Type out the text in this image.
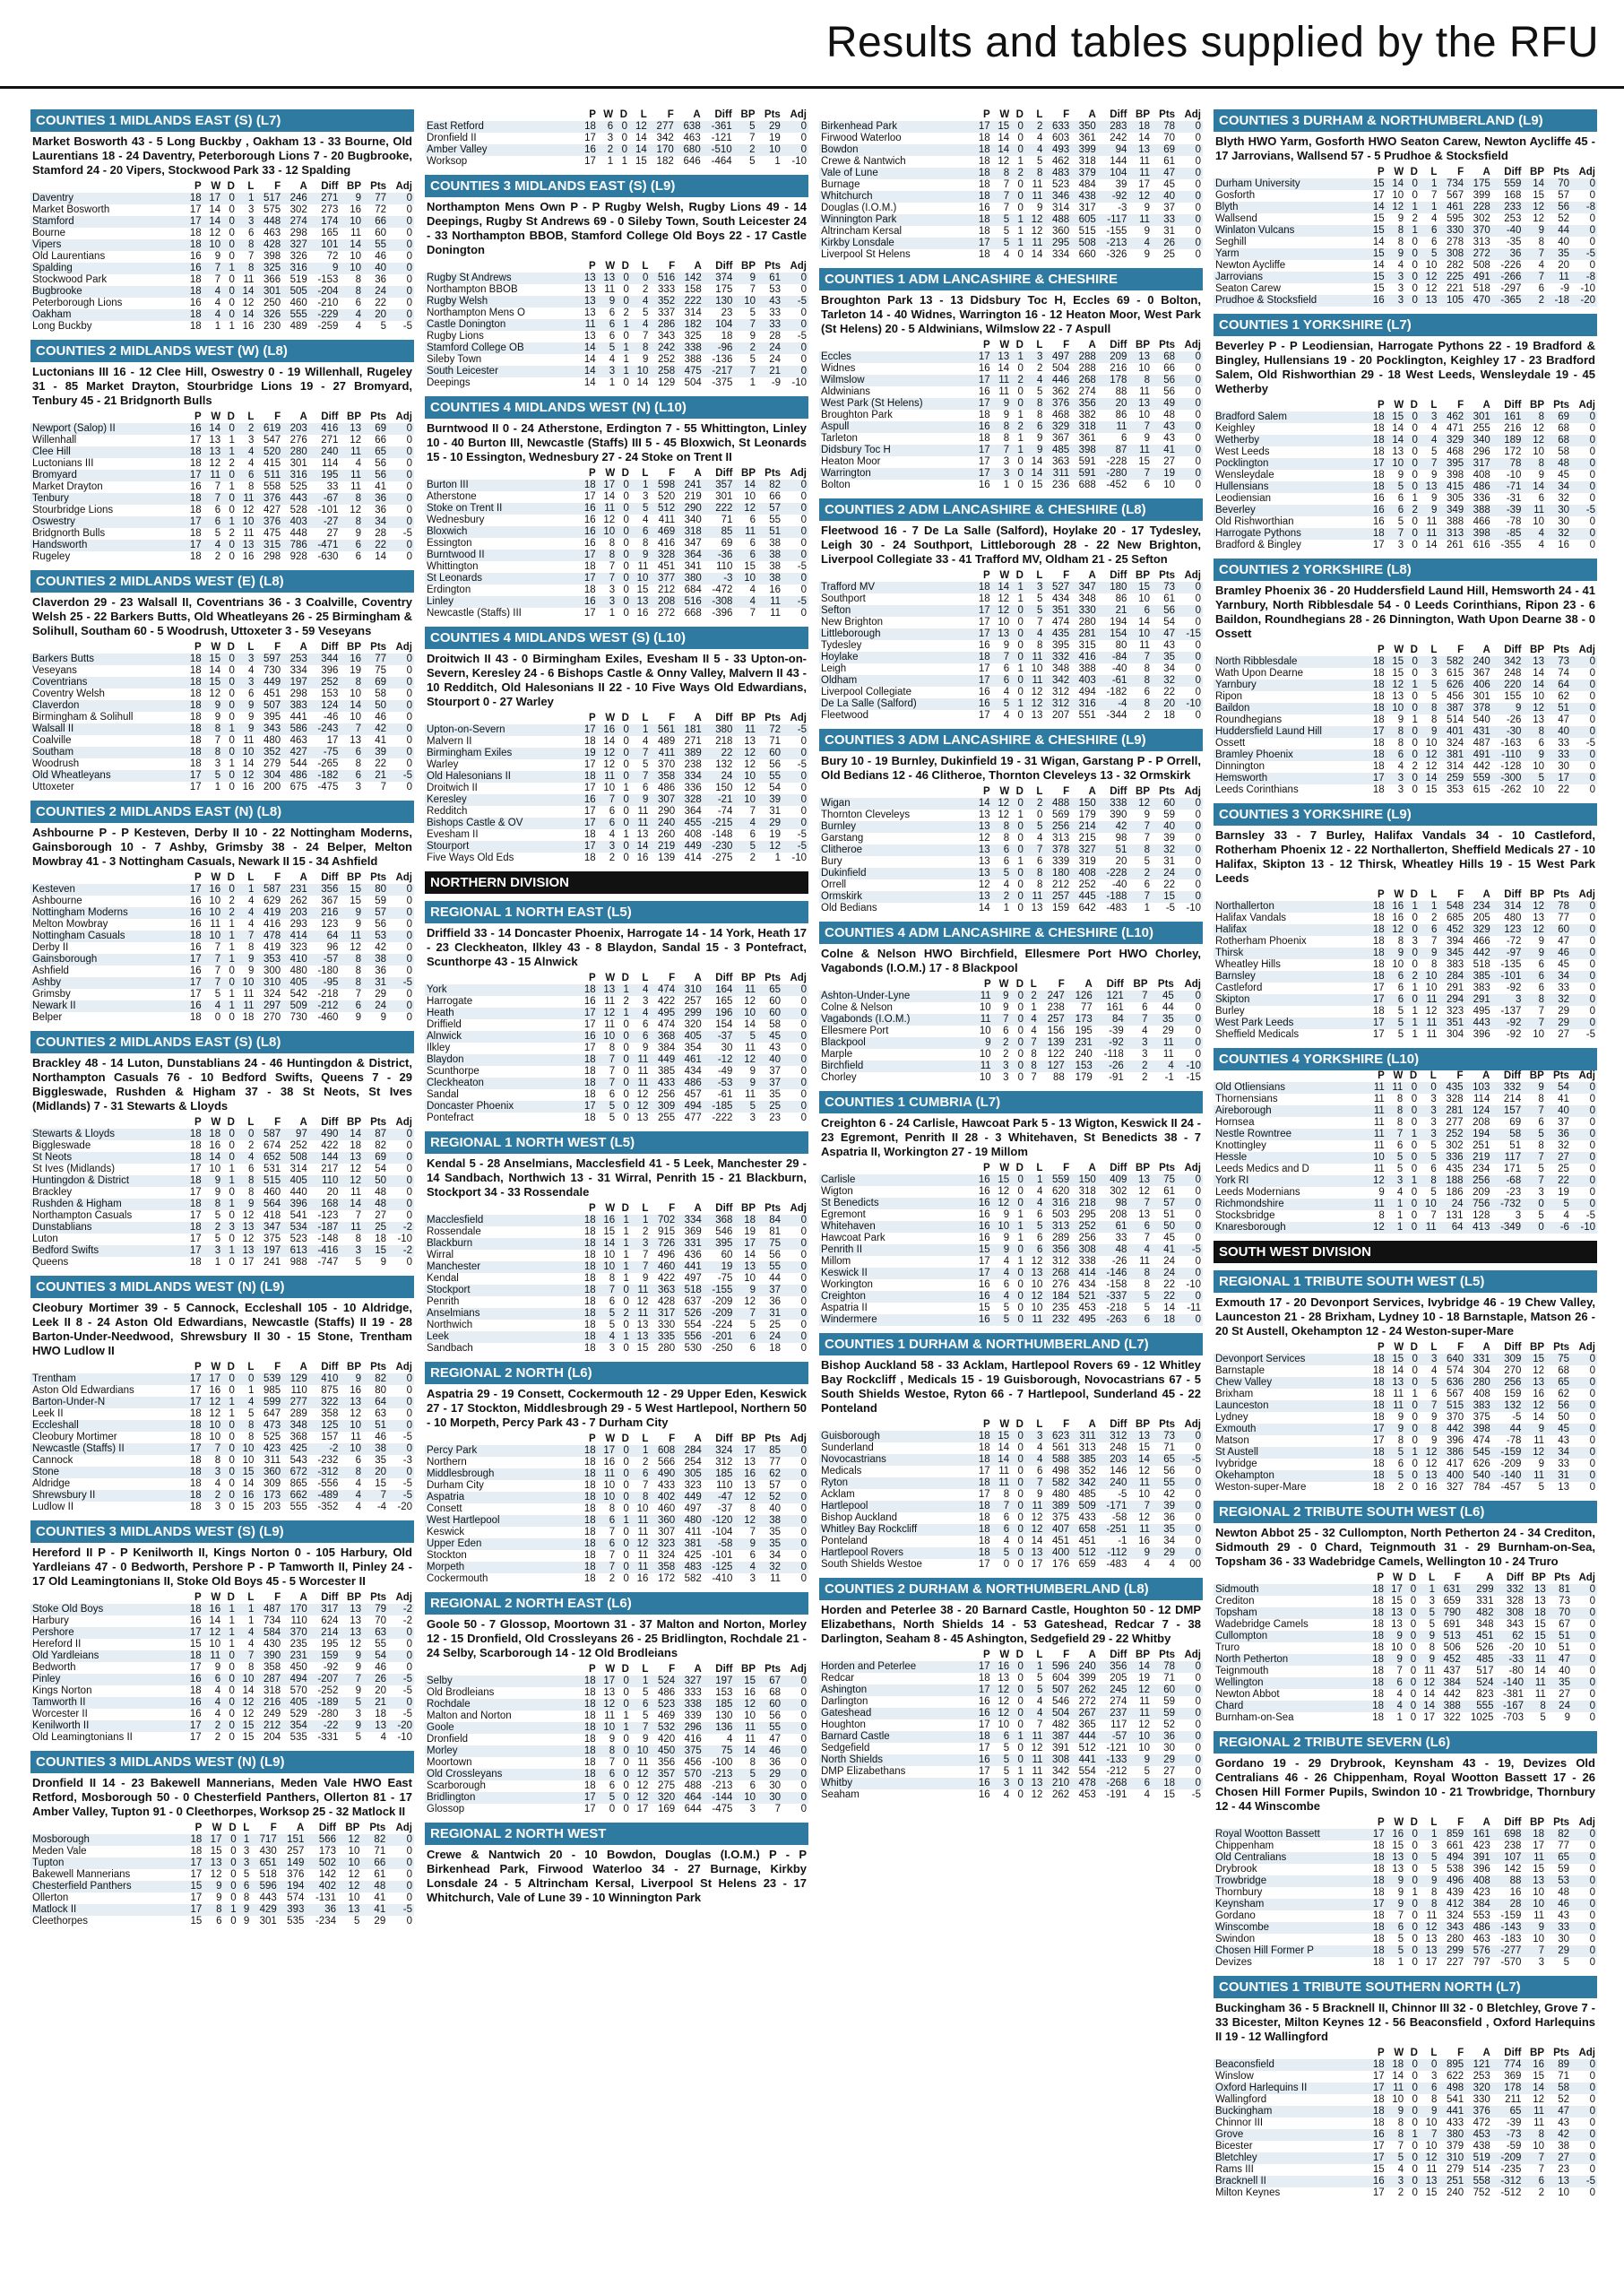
Results and tables supplied by the RFU
COUNTIES 1 MIDLANDS EAST (S) (L7)
Market Bosworth 43 - 5 Long Buckby , Oakham 13 - 33 Bourne, Old Laurentians 18 - 24 Daventry, Peterborough Lions 7 - 20 Bugbrooke, Stamford 24 - 20 Vipers, Stockwood Park 33 - 12 Spalding
	P	W	D	L	F	A	Diff	BP	Pts	Adj
Daventry	18	17	0	1	517	246	271	9	77	0
Market Bosworth	17	14	0	3	575	302	273	16	72	0
Stamford	17	14	0	3	448	274	174	10	66	0
Bourne	18	12	0	6	463	298	165	11	60	0
Vipers	18	10	0	8	428	327	101	14	55	0
Old Laurentians	16	9	0	7	398	326	72	10	46	0
Spalding	16	7	1	8	325	316	9	10	40	0
Stockwood Park	18	7	0	11	366	519	-153	8	36	0
Bugbrooke	18	4	0	14	301	505	-204	8	24	0
Peterborough Lions	16	4	0	12	250	460	-210	6	22	0
Oakham	18	4	0	14	326	555	-229	4	20	0
Long Buckby	18	1	1	16	230	489	-259	4	5	-5
COUNTIES 2 MIDLANDS WEST (W) (L8)
Luctonians III 16 - 12 Clee Hill, Oswestry 0 - 19 Willenhall, Rugeley 31 - 85 Market Drayton, Stourbridge Lions 19 - 27 Bromyard, Tenbury 45 - 21 Bridgnorth Bulls
	P	W	D	L	F	A	Diff	BP	Pts	Adj
Newport (Salop) II	16	14	0	2	619	203	416	13	69	0
Willenhall	17	13	1	3	547	276	271	12	66	0
Clee Hill	18	13	1	4	520	280	240	11	65	0
Luctonians III	18	12	2	4	415	301	114	4	56	0
Bromyard	17	11	0	6	511	316	195	11	56	0
Market Drayton	16	7	1	8	558	525	33	11	41	0
Tenbury	18	7	0	11	376	443	-67	8	36	0
Stourbridge Lions	18	6	0	12	427	528	-101	12	36	0
Oswestry	17	6	1	10	376	403	-27	8	34	0
Bridgnorth Bulls	18	5	2	11	475	448	27	9	28	-5
Handsworth	17	4	0	13	315	786	-471	6	22	0
Rugeley	18	2	0	16	298	928	-630	6	14	0
COUNTIES 2 MIDLANDS WEST (E) (L8)
Claverdon 29 - 23 Walsall II, Coventrians 36 - 3 Coalville, Coventry Welsh 25 - 22 Barkers Butts, Old Wheatleyans 26 - 25 Birmingham & Solihull, Southam 60 - 5 Woodrush, Uttoxeter 3 - 59 Veseyans
	P	W	D	L	F	A	Diff	BP	Pts	Adj
Barkers Butts	18	15	0	3	597	253	344	16	77	0
Veseyans	18	14	0	4	730	334	396	19	75	0
Coventrians	18	15	0	3	449	197	252	8	69	0
Coventry Welsh	18	12	0	6	451	298	153	10	58	0
Claverdon	18	9	0	9	507	383	124	14	50	0
Birmingham & Solihull	18	9	0	9	395	441	-46	10	46	0
Walsall II	18	8	1	9	343	586	-243	7	42	0
Coalville	18	7	0	11	480	463	17	13	41	0
Southam	18	8	0	10	352	427	-75	6	39	0
Woodrush	18	3	1	14	279	544	-265	8	22	0
Old Wheatleyans	17	5	0	12	304	486	-182	6	21	-5
Uttoxeter	17	1	0	16	200	675	-475	3	7	0
COUNTIES 2 MIDLANDS EAST (N) (L8)
Ashbourne P - P Kesteven, Derby II 10 - 22 Nottingham Moderns, Gainsborough 10 - 7 Ashby, Grimsby 38 - 24 Belper, Melton Mowbray 41 - 3 Nottingham Casuals, Newark II 15 - 34 Ashfield
	P	W	D	L	F	A	Diff	BP	Pts	Adj
Kesteven	17	16	0	1	587	231	356	15	80	0
Ashbourne	16	10	2	4	629	262	367	15	59	0
Nottingham Moderns	16	10	2	4	419	203	216	9	57	0
Melton Mowbray	16	11	1	4	416	293	123	9	56	0
Nottingham Casuals	18	10	1	7	478	414	64	11	53	0
Derby II	16	7	1	8	419	323	96	12	42	0
Gainsborough	17	7	1	9	353	410	-57	8	38	0
Ashfield	16	7	0	9	300	480	-180	8	36	0
Ashby	17	7	0	10	310	405	-95	8	31	-5
Grimsby	17	5	1	11	324	542	-218	7	29	0
Newark II	16	4	1	11	297	509	-212	6	24	0
Belper	18	0	0	18	270	730	-460	9	9	0
COUNTIES 2 MIDLANDS EAST (S) (L8)
Brackley 48 - 14 Luton, Dunstablians 24 - 46 Huntingdon & District, Northampton Casuals 76 - 10 Bedford Swifts, Queens 7 - 29 Biggleswade, Rushden & Higham 37 - 38 St Neots, St Ives (Midlands) 7 - 31 Stewarts & Lloyds
	P	W	D	L	F	A	Diff	BP	Pts	Adj
Stewarts & Lloyds	18	18	0	0	587	97	490	14	87	0
Biggleswade	18	16	0	2	674	252	422	18	82	0
St Neots	18	14	0	4	652	508	144	13	69	0
St Ives (Midlands)	17	10	1	6	531	314	217	12	54	0
Huntingdon & District	18	9	1	8	515	405	110	12	50	0
Brackley	17	9	0	8	460	440	20	11	48	0
Rushden & Higham	18	8	1	9	564	396	168	14	48	0
Northampton Casuals	17	5	0	12	418	541	-123	7	27	0
Dunstablians	18	2	3	13	347	534	-187	11	25	-2
Luton	17	5	0	12	375	523	-148	8	18	-10
Bedford Swifts	17	3	1	13	197	613	-416	3	15	-2
Queens	18	1	0	17	241	988	-747	5	9	0
COUNTIES 3 MIDLANDS WEST (N) (L9)
Cleobury Mortimer 39 - 5 Cannock, Eccleshall 105 - 10 Aldridge, Leek II 8 - 24 Aston Old Edwardians, Newcastle (Staffs) II 19 - 28 Barton-Under-Needwood, Shrewsbury II 30 - 15 Stone, Trentham HWO Ludlow II
	P	W	D	L	F	A	Diff	BP	Pts	Adj
Trentham	17	17	0	0	539	129	410	9	82	0
Aston Old Edwardians	17	16	0	1	985	110	875	16	80	0
Barton-Under-N	17	12	1	4	599	277	322	13	64	0
Leek II	18	12	1	5	647	289	358	12	63	0
Eccleshall	18	10	0	8	473	348	125	10	51	0
Cleobury Mortimer	18	10	0	8	525	368	157	11	46	-5
Newcastle (Staffs) II	17	7	0	10	423	425	-2	10	38	0
Cannock	18	8	0	10	311	543	-232	6	35	-3
Stone	18	3	0	15	360	672	-312	8	20	0
Aldridge	18	4	0	14	309	865	-556	4	15	-5
Shrewsbury II	18	2	0	16	173	662	-489	4	7	-5
Ludlow II	18	3	0	15	203	555	-352	4	-4	-20
COUNTIES 3 MIDLANDS WEST (S) (L9)
Hereford II P - P Kenilworth II, Kings Norton 0 - 105 Harbury, Old Yardleians 47 - 0 Bedworth, Pershore P - P Tamworth II, Pinley 24 - 17 Old Leamingtonians II, Stoke Old Boys 45 - 5 Worcester II
	P	W	D	L	F	A	Diff	BP	Pts	Adj
Stoke Old Boys	18	16	1	1	487	170	317	13	79	-2
Harbury	16	14	1	1	734	110	624	13	70	-2
Pershore	17	12	1	4	584	370	214	13	63	0
Hereford II	15	10	1	4	430	235	195	12	55	0
Old Yardleians	18	11	0	7	390	231	159	9	54	0
Bedworth	17	9	0	8	358	450	-92	9	46	0
Pinley	16	6	0	10	287	494	-207	7	26	-5
Kings Norton	18	4	0	14	318	570	-252	9	20	-5
Tamworth II	16	4	0	12	216	405	-189	5	21	0
Worcester II	16	4	0	12	249	529	-280	3	18	-5
Kenilworth II	17	2	0	15	212	354	-22	9	13	-20
Old Leamingtonians II	17	2	0	15	204	535	-331	5	4	-10
COUNTIES 3 MIDLANDS WEST (N) (L9)
Dronfield II 14 - 23 Bakewell Mannerians, Meden Vale HWO East Retford, Mosborough 50 - 0 Chesterfield Panthers, Ollerton 81 - 17 Amber Valley, Tupton 91 - 0 Cleethorpes, Worksop 25 - 32 Matlock II
	P	W	D	L	F	A	Diff	BP	Pts	Adj
Mosborough	18	17	0	1	717	151	566	12	82	0
Meden Vale	18	15	0	3	430	257	173	10	71	0
Tupton	17	13	0	3	651	149	502	10	66	0
Bakewell Mannerians	17	12	0	5	518	376	142	12	61	0
Chesterfield Panthers	15	9	0	6	596	194	402	12	48	0
Ollerton	17	9	0	8	443	574	-131	10	41	0
Matlock II	17	8	1	9	429	393	36	13	41	-5
Cleethorpes	15	6	0	9	301	535	-234	5	29	0
	P	W	D	L	F	A	Diff	BP	Pts	Adj
East Retford	18	6	0	12	277	638	-361	5	29	0
Dronfield II	17	3	0	14	342	463	-121	7	19	0
Amber Valley	16	2	0	14	170	680	-510	2	10	0
Worksop	17	1	1	15	182	646	-464	5	1	-10
COUNTIES 3 MIDLANDS EAST (S) (L9)
Northampton Mens Own P - P Rugby Welsh, Rugby Lions 49 - 14 Deepings, Rugby St Andrews 69 - 0 Sileby Town, South Leicester 24 - 33 Northampton BBOB, Stamford College Old Boys 22 - 17 Castle Donington
	P	W	D	L	F	A	Diff	BP	Pts	Adj
Rugby St Andrews	13	13	0	0	516	142	374	9	61	0
Northampton BBOB	13	11	0	2	333	158	175	7	53	0
Rugby Welsh	13	9	0	4	352	222	130	10	43	-5
Northampton Mens O	13	6	2	5	337	314	23	5	33	0
Castle Donington	11	6	1	4	286	182	104	7	33	0
Rugby Lions	13	6	0	7	343	325	18	9	28	-5
Stamford College OB	14	5	1	8	242	338	-96	2	24	0
Sileby Town	14	4	1	9	252	388	-136	5	24	0
South Leicester	14	3	1	10	258	475	-217	7	21	0
Deepings	14	1	0	14	129	504	-375	1	-9	-10
COUNTIES 4 MIDLANDS WEST (N) (L10)
Burntwood II 0 - 24 Atherstone, Erdington 7 - 55 Whittington, Linley 10 - 40 Burton III, Newcastle (Staffs) III 5 - 45 Bloxwich, St Leonards 15 - 10 Essington, Wednesbury 27 - 24 Stoke on Trent II
	P	W	D	L	F	A	Diff	BP	Pts	Adj
Burton III	18	17	0	1	598	241	357	14	82	0
Atherstone	17	14	0	3	520	219	301	10	66	0
Stoke on Trent II	16	11	0	5	512	290	222	12	57	0
Wednesbury	16	12	0	4	411	340	71	6	55	0
Bloxwich	16	10	0	6	469	318	85	11	51	0
Essington	16	8	0	8	416	347	69	6	38	0
Burntwood II	17	8	0	9	328	364	-36	6	38	0
Whittington	18	7	0	11	451	341	110	15	38	-5
St Leonards	17	7	0	10	377	380	-3	10	38	0
Erdington	18	3	0	15	212	684	-472	4	16	0
Linley	16	3	0	13	208	516	-308	4	11	-5
Newcastle (Staffs) III	17	1	0	16	272	668	-396	7	11	0
COUNTIES 4 MIDLANDS WEST (S) (L10)
Droitwich II 43 - 0 Birmingham Exiles, Evesham II 5 - 33 Upton-on-Severn, Keresley 24 - 6 Bishops Castle & Onny Valley, Malvern II 43 - 10 Redditch, Old Halesonians II 22 - 10 Five Ways Old Edwardians, Stourport 0 - 27 Warley
	P	W	D	L	F	A	Diff	BP	Pts	Adj
Upton-on-Severn	17	16	0	1	561	181	380	11	72	-5
Malvern II	18	14	0	4	489	271	218	13	71	0
Birmingham Exiles	19	12	0	7	411	389	22	12	60	0
Warley	17	12	0	5	370	238	132	12	56	-5
Old Halesonians II	18	11	0	7	358	334	24	10	55	0
Droitwich II	17	10	1	6	486	336	150	12	54	0
Keresley	16	7	0	9	307	328	-21	10	39	0
Redditch	17	6	0	11	290	364	-74	7	31	0
Bishops Castle & OV	17	6	0	11	240	455	-215	4	29	0
Evesham II	18	4	1	13	260	408	-148	6	19	-5
Stourport	17	3	0	14	219	449	-230	5	12	-5
Five Ways Old Eds	18	2	0	16	139	414	-275	2	1	-10
NORTHERN DIVISION
REGIONAL 1 NORTH EAST (L5)
Driffield 33 - 14 Doncaster Phoenix, Harrogate 14 - 14 York, Heath 17 - 23 Cleckheaton, Ilkley 43 - 8 Blaydon, Sandal 15 - 3 Pontefract, Scunthorpe 43 - 15 Alnwick
	P	W	D	L	F	A	Diff	BP	Pts	Adj
York	18	13	1	4	474	310	164	11	65	0
Harrogate	16	11	2	3	422	257	165	12	60	0
Heath	17	12	1	4	495	299	196	10	60	0
Driffield	17	11	0	6	474	320	154	14	58	0
Alnwick	16	10	0	6	368	405	-37	5	45	0
Ilkley	17	8	0	9	384	354	30	11	43	0
Blaydon	18	7	0	11	449	461	-12	12	40	0
Scunthorpe	18	7	0	11	385	434	-49	9	37	0
Cleckheaton	18	7	0	11	433	486	-53	9	37	0
Sandal	18	6	0	12	256	457	-61	11	35	0
Doncaster Phoenix	17	5	0	12	309	494	-185	5	25	0
Pontefract	18	5	0	13	255	477	-222	3	23	0
REGIONAL 1 NORTH WEST (L5)
Kendal 5 - 28 Anselmians, Macclesfield 41 - 5 Leek, Manchester 29 - 14 Sandbach, Northwich 13 - 31 Wirral, Penrith 15 - 21 Blackburn, Stockport 34 - 33 Rossendale
	P	W	D	L	F	A	Diff	BP	Pts	Adj
Macclesfield	18	16	1	1	702	334	368	18	84	0
Rossendale	18	15	1	2	915	369	546	19	81	0
Blackburn	18	14	1	3	726	331	395	17	75	0
Wirral	18	10	1	7	496	436	60	14	56	0
Manchester	18	10	1	7	460	441	19	13	55	0
Kendal	18	8	1	9	422	497	-75	10	44	0
Stockport	18	7	0	11	363	518	-155	9	37	0
Penrith	18	6	0	12	428	637	-209	12	36	0
Anselmians	18	5	2	11	317	526	-209	7	31	0
Northwich	18	5	0	13	330	554	-224	5	25	0
Leek	18	4	1	13	335	556	-201	6	24	0
Sandbach	18	3	0	15	280	530	-250	6	18	0
REGIONAL 2 NORTH (L6)
Aspatria 29 - 19 Consett, Cockermouth 12 - 29 Upper Eden, Keswick 27 - 17 Stockton, Middlesbrough 29 - 5 West Hartlepool, Northern 50 - 10 Morpeth, Percy Park 43 - 7 Durham City
	P	W	D	L	F	A	Diff	BP	Pts	Adj
Percy Park	18	17	0	1	608	284	324	17	85	0
Northern	18	16	0	2	566	254	312	13	77	0
Middlesbrough	18	11	0	6	490	305	185	16	62	0
Durham City	18	10	0	7	433	323	110	13	57	0
Aspatria	18	10	0	8	402	449	-47	12	52	0
Consett	18	8	0	10	460	497	-37	8	40	0
West Hartlepool	18	6	1	11	360	480	-120	12	38	0
Keswick	18	7	0	11	307	411	-104	7	35	0
Upper Eden	18	6	0	12	323	381	-58	9	35	0
Stockton	18	7	0	11	324	425	-101	6	34	0
Morpeth	18	7	0	11	358	483	-125	4	32	0
Cockermouth	18	2	0	16	172	582	-410	3	11	0
REGIONAL 2 NORTH EAST (L6)
Goole 50 - 7 Glossop, Moortown 31 - 37 Malton and Norton, Morley 12 - 15 Dronfield, Old Crossleyans 26 - 25 Bridlington, Rochdale 21 - 24 Selby, Scarborough 14 - 12 Old Brodleians
	P	W	D	L	F	A	Diff	BP	Pts	Adj
Selby	18	17	0	1	524	327	197	15	67	0
Old Brodleians	18	13	0	5	486	333	153	16	68	0
Rochdale	18	12	0	6	523	338	185	12	60	0
Malton and Norton	18	11	1	5	469	339	130	10	56	0
Goole	18	10	1	7	532	296	136	11	55	0
Dronfield	18	9	0	9	420	416	4	11	47	0
Morley	18	8	0	10	450	375	75	14	46	0
Moortown	18	7	0	11	356	456	-100	8	36	0
Old Crossleyans	18	6	0	12	357	570	-213	5	29	0
Scarborough	18	6	0	12	275	488	-213	6	30	0
Bridlington	17	5	0	12	320	464	-144	10	30	0
Glossop	17	0	0	17	169	644	-475	3	7	0
REGIONAL 2 NORTH WEST
Crewe & Nantwich 20 - 10 Bowdon, Douglas (I.O.M.) P - P Birkenhead Park, Firwood Waterloo 34 - 27 Burnage, Kirkby Lonsdale 24 - 5 Altrincham Kersal, Liverpool St Helens 23 - 17 Whitchurch, Vale of Lune 39 - 10 Winnington Park
	P	W	D	L	F	A	Diff	BP	Pts	Adj
Birkenhead Park	17	15	0	2	633	350	283	18	78	0
Firwood Waterloo	18	14	0	4	603	361	242	14	70	0
Bowdon	18	14	0	4	493	399	94	13	69	0
Crewe & Nantwich	18	12	1	5	462	318	144	11	61	0
Vale of Lune	18	8	2	8	483	379	104	11	47	0
Burnage	18	7	0	11	523	484	39	17	45	0
Whitchurch	18	7	0	11	346	438	-92	12	40	0
Douglas (I.O.M.)	16	7	0	9	314	317	-3	9	37	0
Winnington Park	18	5	1	12	488	605	-117	11	33	0
Altrincham Kersal	18	5	1	12	360	515	-155	9	31	0
Kirkby Lonsdale	17	5	1	11	295	508	-213	4	26	0
Liverpool St Helens	18	4	0	14	334	660	-326	9	25	0
COUNTIES 1 ADM LANCASHIRE & CHESHIRE
Broughton Park 13 - 13 Didsbury Toc H, Eccles 69 - 0 Bolton, Tarleton 14 - 40 Widnes, Warrington 16 - 12 Heaton Moor, West Park (St Helens) 20 - 5 Aldwinians, Wilmslow 22 - 7 Aspull
	P	W	D	L	F	A	Diff	BP	Pts	Adj
Eccles	17	13	1	3	497	288	209	13	68	0
Widnes	16	14	0	2	504	288	216	10	66	0
Wilmslow	17	11	2	4	446	268	178	8	56	0
Aldwinians	16	11	0	5	362	274	88	11	56	0
West Park (St Helens)	17	9	0	8	376	356	20	13	49	0
Broughton Park	18	9	1	8	468	382	86	10	48	0
Aspull	16	8	2	6	329	318	11	7	43	0
Tarleton	18	8	1	9	367	361	6	9	43	0
Didsbury Toc H	17	7	1	9	485	398	87	11	41	0
Heaton Moor	17	3	0	14	363	591	-228	15	27	0
Warrington	17	3	0	14	311	591	-280	7	19	0
Bolton	16	1	0	15	236	688	-452	6	10	0
COUNTIES 2 ADM LANCASHIRE & CHESHIRE (L8)
Fleetwood 16 - 7 De La Salle (Salford), Hoylake 20 - 17 Tydesley, Leigh 30 - 24 Southport, Littleborough 28 - 22 New Brighton, Liverpool Collegiate 33 - 41 Trafford MV, Oldham 21 - 25 Sefton
	P	W	D	L	F	A	Diff	BP	Pts	Adj
Trafford MV	18	14	1	3	527	347	180	15	73	0
Southport	18	12	1	5	434	348	86	10	61	0
Sefton	17	12	0	5	351	330	21	6	56	0
New Brighton	17	10	0	7	474	280	194	14	54	0
Littleborough	17	13	0	4	435	281	154	10	47	-15
Tydesley	16	9	0	8	395	315	80	11	43	0
Hoylake	18	7	0	11	332	416	-84	7	35	0
Leigh	17	6	1	10	348	388	-40	8	34	0
Oldham	17	6	0	11	342	403	-61	8	32	0
Liverpool Collegiate	16	4	0	12	312	494	-182	6	22	0
De La Salle (Salford)	16	5	1	12	312	316	-4	8	20	-10
Fleetwood	17	4	0	13	207	551	-344	2	18	0
COUNTIES 3 ADM LANCASHIRE & CHESHIRE (L9)
Bury 10 - 19 Burnley, Dukinfield 19 - 31 Wigan, Garstang P - P Orrell, Old Bedians 12 - 46 Clitheroe, Thornton Cleveleys 13 - 32 Ormskirk
	P	W	D	L	F	A	Diff	BP	Pts	Adj
Wigan	14	12	0	2	488	150	338	12	60	0
Thornton Cleveleys	13	12	1	0	569	179	390	9	59	0
Burnley	13	8	0	5	256	214	42	7	40	0
Garstang	12	8	0	4	313	215	98	7	39	0
Clitheroe	13	6	0	7	378	327	51	8	32	0
Bury	13	6	1	6	339	319	20	5	31	0
Dukinfield	13	5	0	8	180	408	-228	2	24	0
Orrell	12	4	0	8	212	252	-40	6	22	0
Ormskirk	13	2	0	11	257	445	-188	7	15	0
Old Bedians	14	1	0	13	159	642	-483	1	-5	-10
COUNTIES 4 ADM LANCASHIRE & CHESHIRE (L10)
Colne & Nelson HWO Birchfield, Ellesmere Port HWO Chorley, Vagabonds (I.O.M.) 17 - 8 Blackpool
	P	W	D	L	F	A	Diff	BP	Pts	Adj
Ashton-Under-Lyne	11	9	0	2	247	126	121	7	45	0
Colne & Nelson	10	9	0	1	238	77	161	6	44	0
Vagabonds (I.O.M.)	11	7	0	4	257	173	84	7	35	0
Ellesmere Port	10	6	0	4	156	195	-39	4	29	0
Blackpool	9	2	0	7	139	231	-92	3	11	0
Marple	10	2	0	8	122	240	-118	3	11	0
Birchfield	11	3	0	8	127	153	-26	2	4	-10
Chorley	10	3	0	7	88	179	-91	2	-1	-15
COUNTIES 1 CUMBRIA (L7)
Creighton 6 - 24 Carlisle, Hawcoat Park 5 - 13 Wigton, Keswick II 24 - 23 Egremont, Penrith II 28 - 3 Whitehaven, St Benedicts 38 - 7 Aspatria II, Workington 27 - 19 Millom
	P	W	D	L	F	A	Diff	BP	Pts	Adj
Carlisle	16	15	0	1	559	150	409	13	75	0
Wigton	16	12	0	4	620	318	302	12	61	0
St Benedicts	16	12	0	4	316	218	98	7	57	0
Egremont	16	9	1	6	503	295	208	13	51	0
Whitehaven	16	10	1	5	313	252	61	6	50	0
Hawcoat Park	16	9	1	6	289	256	33	7	45	0
Penrith II	15	9	0	6	356	308	48	4	41	-5
Millom	17	4	1	12	312	338	-26	11	24	0
Keswick II	17	4	0	13	268	414	-146	8	24	0
Workington	16	6	0	10	276	434	-158	8	22	-10
Creighton	16	4	0	12	184	521	-337	5	22	0
Aspatria II	15	5	0	10	235	453	-218	5	14	-11
Windermere	16	5	0	11	232	495	-263	6	18	0
COUNTIES 1 DURHAM & NORTHUMBERLAND (L7)
Bishop Auckland 58 - 33 Acklam, Hartlepool Rovers 69 - 12 Whitley Bay Rockcliff , Medicals 15 - 19 Guisborough, Novocastrians 67 - 5 South Shields Westoe, Ryton 66 - 7 Hartlepool, Sunderland 45 - 22 Ponteland
	P	W	D	L	F	A	Diff	BP	Pts	Adj
Guisborough	18	15	0	3	623	311	312	13	73	0
Sunderland	18	14	0	4	561	313	248	15	71	0
Novocastrians	18	14	0	4	588	385	203	14	65	-5
Medicals	17	11	0	6	498	352	146	12	56	0
Ryton	18	11	0	7	582	342	240	11	55	0
Acklam	17	8	0	9	480	485	-5	10	42	0
Hartlepool	18	7	0	11	389	509	-171	7	39	0
Bishop Auckland	18	6	0	12	375	433	-58	12	36	0
Whitley Bay Rockcliff	18	6	0	12	407	658	-251	11	35	0
Ponteland	18	4	0	14	451	451	-1	16	34	0
Hartlepool Rovers	18	5	0	13	400	512	-112	9	29	0
South Shields Westoe	17	0	0	17	176	659	-483	4	4	00
COUNTIES 2 DURHAM & NORTHUMBERLAND (L8)
Horden and Peterlee 38 - 20 Barnard Castle, Houghton 50 - 12 DMP Elizabethans, North Shields 14 - 53 Gateshead, Redcar 7 - 38 Darlington, Seaham 8 - 45 Ashington, Sedgefield 29 - 22 Whitby
	P	W	D	L	F	A	Diff	BP	Pts	Adj
Horden and Peterlee	17	16	0	1	596	240	356	14	78	0
Redcar	18	13	0	5	604	399	205	19	71	0
Ashington	17	12	0	5	507	262	245	12	60	0
Darlington	16	12	0	4	546	272	274	11	59	0
Gateshead	16	12	0	4	504	267	237	11	59	0
Houghton	17	10	0	7	482	365	117	12	52	0
Barnard Castle	18	6	1	11	387	444	-57	10	36	0
Sedgefield	17	5	0	12	391	512	-121	10	30	0
North Shields	16	5	0	11	308	441	-133	9	29	0
DMP Elizabethans	17	5	1	11	342	554	-212	5	27	0
Whitby	16	3	0	13	210	478	-268	6	18	0
Seaham	16	4	0	12	262	453	-191	4	15	-5
COUNTIES 3 DURHAM & NORTHUMBERLAND (L9)
Blyth HWO Yarm, Gosforth HWO Seaton Carew, Newton Aycliffe 45 - 17 Jarrovians, Wallsend 57 - 5 Prudhoe & Stocksfield
	P	W	D	L	F	A	Diff	BP	Pts	Adj
Durham University	15	14	0	1	734	175	559	14	70	0
Gosforth	17	10	0	7	567	399	168	15	57	0
Blyth	14	12	1	1	461	228	233	12	56	-8
Wallsend	15	9	2	4	595	302	253	12	52	0
Winlaton Vulcans	15	8	1	6	330	370	-40	9	44	0
Seghill	14	8	0	6	278	313	-35	8	40	0
Yarm	15	9	0	5	308	272	36	7	35	-5
Newton Aycliffe	14	4	0	10	282	508	-226	4	20	0
Jarrovians	15	3	0	12	225	491	-266	7	11	-8
Seaton Carew	15	3	0	12	221	518	-297	6	-9	-10
Prudhoe & Stocksfield	16	3	0	13	105	470	-365	2	-18	-20
COUNTIES 1 YORKSHIRE (L7)
Beverley P - P Leodiensian, Harrogate Pythons 22 - 19 Bradford & Bingley, Hullensians 19 - 20 Pocklington, Keighley 17 - 23 Bradford Salem, Old Rishworthian 29 - 18 West Leeds, Wensleydale 19 - 45 Wetherby
	P	W	D	L	F	A	Diff	BP	Pts	Adj
Bradford Salem	18	15	0	3	462	301	161	8	69	0
Keighley	18	14	0	4	471	255	216	12	68	0
Wetherby	18	14	0	4	329	340	189	12	68	0
West Leeds	18	13	0	5	468	296	172	10	58	0
Pocklington	17	10	0	7	395	317	78	8	48	0
Wensleydale	18	9	0	9	398	408	-10	9	45	0
Hullensians	18	5	0	13	415	486	-71	14	34	0
Leodiensian	16	6	1	9	305	336	-31	6	32	0
Beverley	16	6	2	9	349	388	-39	11	30	-5
Old Rishworthian	16	5	0	11	388	466	-78	10	30	0
Harrogate Pythons	18	7	0	11	313	398	-85	4	32	0
Bradford & Bingley	17	3	0	14	261	616	-355	4	16	0
COUNTIES 2 YORKSHIRE (L8)
Bramley Phoenix 36 - 20 Huddersfield Laund Hill, Hemsworth 24 - 41 Yarnbury, North Ribblesdale 54 - 0 Leeds Corinthians, Ripon 23 - 6 Baildon, Roundhegians 28 - 26 Dinnington, Wath Upon Dearne 38 - 0 Ossett
	P	W	D	L	F	A	Diff	BP	Pts	Adj
North Ribblesdale	18	15	0	3	582	240	342	13	73	0
Wath Upon Dearne	18	15	0	3	615	367	248	14	74	0
Yarnbury	18	12	1	5	626	406	220	14	64	0
Ripon	18	13	0	5	456	301	155	10	62	0
Baildon	18	10	0	8	387	378	9	12	51	0
Roundhegians	18	9	1	8	514	540	-26	13	47	0
Huddersfield Laund Hill	17	8	0	9	401	431	-30	8	40	0
Ossett	18	8	0	10	324	487	-163	6	33	-5
Bramley Phoenix	18	6	0	12	381	491	-110	9	33	0
Dinnington	18	4	2	12	314	442	-128	10	30	0
Hemsworth	17	3	0	14	259	559	-300	5	17	0
Leeds Corinthians	18	3	0	15	353	615	-262	10	22	0
COUNTIES 3 YORKSHIRE (L9)
Barnsley 33 - 7 Burley, Halifax Vandals 34 - 10 Castleford, Rotherham Phoenix 12 - 22 Northallerton, Sheffield Medicals 27 - 10 Halifax, Skipton 13 - 12 Thirsk, Wheatley Hills 19 - 15 West Park Leeds
	P	W	D	L	F	A	Diff	BP	Pts	Adj
Northallerton	18	16	1	1	548	234	314	12	78	0
Halifax Vandals	18	16	0	2	685	205	480	13	77	0
Halifax	18	12	0	6	452	329	123	12	60	0
Rotherham Phoenix	18	8	3	7	394	466	-72	9	47	0
Thirsk	18	9	0	9	345	442	-97	9	46	0
Wheatley Hills	18	10	0	8	383	518	-135	6	45	0
Barnsley	18	6	2	10	284	385	-101	6	34	0
Castleford	17	6	1	10	291	383	-92	6	33	0
Skipton	17	6	0	11	294	291	3	8	32	0
Burley	18	5	1	12	323	495	-137	7	29	0
West Park Leeds	17	5	1	11	351	443	-92	7	29	0
Sheffield Medicals	17	5	1	11	304	396	-92	10	27	-5
COUNTIES 4 YORKSHIRE (L10)
	P	W	D	L	F	A	Diff	BP	Pts	Adj
Old Otliensians	11	11	0	0	435	103	332	9	54	0
Thornensians	11	8	0	3	328	114	214	8	41	0
Aireborough	11	8	0	3	281	124	157	7	40	0
Hornsea	11	8	0	3	277	208	69	6	37	0
Nestle Rowntree	11	7	1	3	252	194	58	5	36	0
Knottingley	11	6	0	5	302	251	51	8	32	0
Hessle	10	5	0	5	336	219	117	7	27	0
Leeds Medics and D	11	5	0	6	435	234	171	5	25	0
York RI	12	3	1	8	188	256	-68	7	22	0
Leeds Modernians	9	4	0	5	186	209	-23	3	19	0
Richmondshire	11	1	0	10	24	756	-732	0	5	0
Stocksbridge	8	1	0	7	131	128	3	5	4	-5
Knaresborough	12	1	0	11	64	413	-349	0	-6	-10
SOUTH WEST DIVISION
REGIONAL 1 TRIBUTE SOUTH WEST (L5)
Exmouth 17 - 20 Devonport Services, Ivybridge 46 - 19 Chew Valley, Launceston 21 - 28 Brixham, Lydney 10 - 18 Barnstaple, Matson 26 - 20 St Austell, Okehampton 12 - 24 Weston-super-Mare
	P	W	D	L	F	A	Diff	BP	Pts	Adj
Devonport Services	18	15	0	3	640	331	309	15	75	0
Barnstaple	18	14	0	4	574	304	270	12	68	0
Chew Valley	18	13	0	5	636	280	256	13	65	0
Brixham	18	11	1	6	567	408	159	16	62	0
Launceston	18	11	0	7	515	383	132	12	56	0
Lydney	18	9	0	9	370	375	-5	14	50	0
Exmouth	17	9	0	8	442	398	44	9	45	0
Matson	17	8	0	9	396	474	-78	11	43	0
St Austell	18	5	1	12	386	545	-159	12	34	0
Ivybridge	18	6	0	12	417	626	-209	9	33	0
Okehampton	18	5	0	13	400	540	-140	11	31	0
Weston-super-Mare	18	2	0	16	327	784	-457	5	13	0
REGIONAL 2 TRIBUTE SOUTH WEST (L6)
Newton Abbot 25 - 32 Cullompton, North Petherton 24 - 34 Crediton, Sidmouth 29 - 0 Chard, Teignmouth 31 - 29 Burnham-on-Sea, Topsham 36 - 33 Wadebridge Camels, Wellington 10 - 24 Truro
	P	W	D	L	F	A	Diff	BP	Pts	Adj
Sidmouth	18	17	0	1	631	299	332	13	81	0
Crediton	18	15	0	3	659	331	328	13	73	0
Topsham	18	13	0	5	790	482	308	18	70	0
Wadebridge Camels	18	13	0	5	691	348	343	15	67	0
Cullompton	18	9	0	9	513	451	62	15	51	0
Truro	18	10	0	8	506	526	-20	10	51	0
North Petherton	18	9	0	9	452	485	-33	11	47	0
Teignmouth	18	7	0	11	437	517	-80	14	40	0
Wellington	18	6	0	12	384	524	-140	11	35	0
Newton Abbot	18	4	0	14	442	823	-381	11	27	0
Chard	18	4	0	14	388	555	-167	8	24	0
Burnham-on-Sea	18	1	0	17	322	1025	-703	5	9	0
REGIONAL 2 TRIBUTE SEVERN (L6)
Gordano 19 - 29 Drybrook, Keynsham 43 - 19, Devizes Old Centralians 46 - 26 Chippenham, Royal Wootton Bassett 17 - 26 Chosen Hill Former Pupils, Swindon 10 - 21 Trowbridge, Thornbury 12 - 44 Winscombe
	P	W	D	L	F	A	Diff	BP	Pts	Adj
Royal Wootton Bassett	17	16	0	1	859	161	698	18	82	0
Chippenham	18	15	0	3	661	423	238	17	77	0
Old Centralians	18	13	0	5	494	391	107	11	65	0
Drybrook	18	13	0	5	538	396	142	15	59	0
Trowbridge	18	9	0	9	496	408	88	13	53	0
Thornbury	18	9	1	8	439	423	16	10	48	0
Keynsham	17	9	0	8	412	384	28	10	46	0
Gordano	18	7	0	11	324	553	-159	11	43	0
Winscombe	18	6	0	12	343	486	-143	9	33	0
Swindon	18	5	0	13	280	463	-183	10	30	0
Chosen Hill Former P	18	5	0	13	299	576	-277	7	29	0
Devizes	18	1	0	17	227	797	-570	3	5	0
COUNTIES 1 TRIBUTE SOUTHERN NORTH (L7)
Buckingham 36 - 5 Bracknell II, Chinnor III 32 - 0 Bletchley, Grove 7 - 33 Bicester, Milton Keynes 12 - 56 Beaconsfield , Oxford Harlequins II 19 - 12 Wallingford
	P	W	D	L	F	A	Diff	BP	Pts	Adj
Beaconsfield	18	18	0	0	895	121	774	16	89	0
Winslow	17	14	0	3	622	253	369	15	71	0
Oxford Harlequins II	17	11	0	6	498	320	178	14	58	0
Wallingford	18	10	0	8	541	330	211	12	52	0
Buckingham	18	9	0	9	441	376	65	11	47	0
Chinnor III	18	8	0	10	433	472	-39	11	43	0
Grove	16	8	1	7	380	453	-73	8	42	0
Bicester	17	7	0	10	379	438	-59	10	38	0
Bletchley	17	5	0	12	310	519	-209	7	27	0
Rams III	15	4	0	11	279	514	-235	7	23	0
Bracknell II	16	3	0	13	251	558	-312	6	13	-5
Milton Keynes	17	2	0	15	240	752	-512	2	10	0
